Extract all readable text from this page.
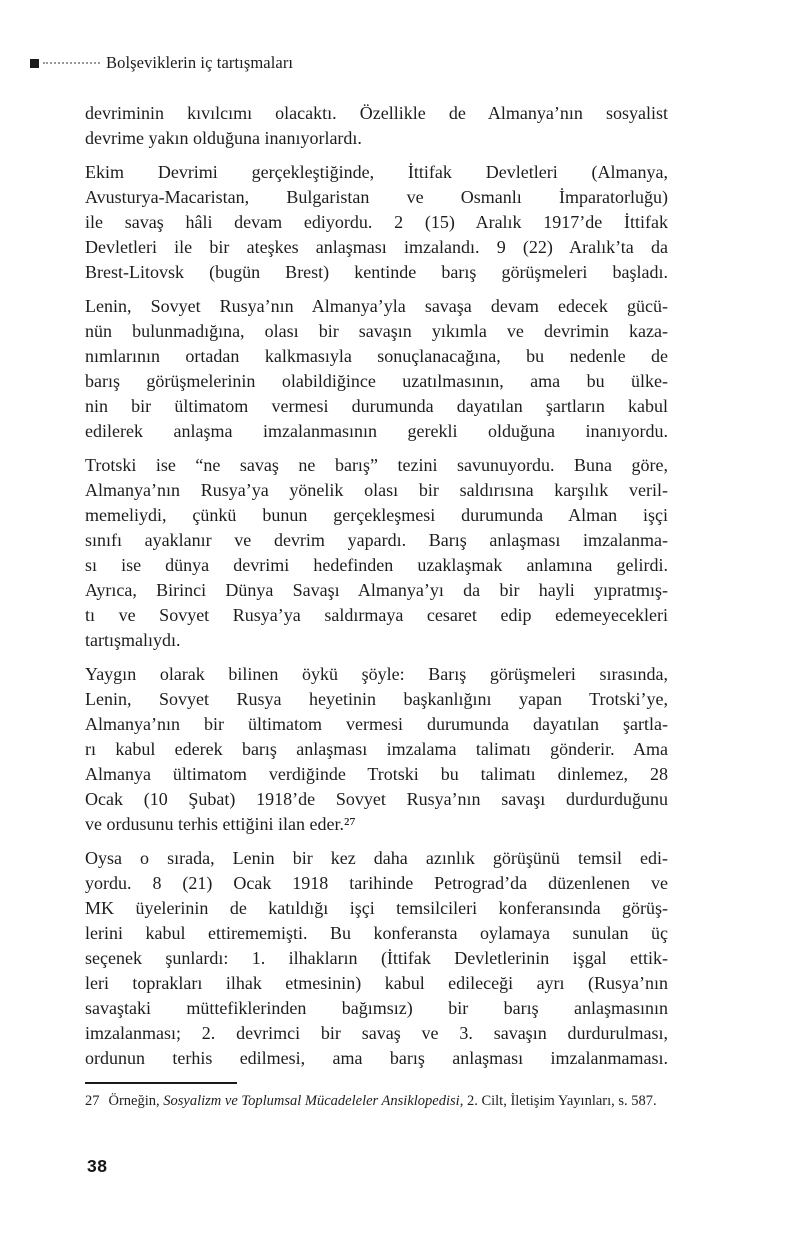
Bolşeviklerin iç tartışmaları
devriminin kıvılcımı olacaktı. Özellikle de Almanya’nın sosyalist
devrime yakın olduğuna inanıyorlardı.
Ekim Devrimi gerçekleştiğinde, İttifak Devletleri (Almanya,
Avusturya-Macaristan, Bulgaristan ve Osmanlı İmparatorluğu)
ile savaş hâli devam ediyordu. 2 (15) Aralık 1917’de İttifak
Devletleri ile bir ateşkes anlaşması imzalandı. 9 (22) Aralık’ta da
Brest-Litovsk (bugün Brest) kentinde barış görüşmeleri başladı.
Lenin, Sovyet Rusya’nın Almanya’yla savaşa devam edecek gücü-
nün bulunmadığına, olası bir savaşın yıkımla ve devrimin kaza-
nımlarının ortadan kalkmasıyla sonuçlanacağına, bu nedenle de
barış görüşmelerinin olabildiğince uzatılmasının, ama bu ülke-
nin bir ültimatom vermesi durumunda dayatılan şartların kabul
edilerek anlaşma imzalanmasının gerekli olduğuna inanıyordu.
Trotski ise “ne savaş ne barış” tezini savunuyordu. Buna göre,
Almanya’nın Rusya’ya yönelik olası bir saldırısına karşılık veril-
memeliydi, çünkü bunun gerçekleşmesi durumunda Alman işçi
sınıfı ayaklanır ve devrim yapardı. Barış anlaşması imzalanma-
sı ise dünya devrimi hedefinden uzaklaşmak anlamına gelirdi.
Ayrıca, Birinci Dünya Savaşı Almanya’yı da bir hayli yıpratmış-
tı ve Sovyet Rusya’ya saldırmaya cesaret edip edemeyecekleri
tartışmalıydı.
Yaygın olarak bilinen öykü şöyle: Barış görüşmeleri sırasında,
Lenin, Sovyet Rusya heyetinin başkanlığını yapan Trotski’ye,
Almanya’nın bir ültimatom vermesi durumunda dayatılan şartla-
rı kabul ederek barış anlaşması imzalama talimatı gönderir. Ama
Almanya ültimatom verdiğinde Trotski bu talimatı dinlemez, 28
Ocak (10 Şubat) 1918’de Sovyet Rusya’nın savaşı durdurduğunu
ve ordusunu terhis ettiğini ilan eder.²⁷
Oysa o sırada, Lenin bir kez daha azınlık görüşünü temsil edi-
yordu. 8 (21) Ocak 1918 tarihinde Petrograd’da düzenlenen ve
MK üyelerinin de katıldığı işçi temsilcileri konferansında görüş-
lerini kabul ettirememişti. Bu konferansta oylamaya sunulan üç
seçenek şunlardı: 1. ilhakların (İttifak Devletlerinin işgal ettik-
leri toprakları ilhak etmesinin) kabul edileceği ayrı (Rusya’nın
savaştaki müttefiklerinden bağımsız) bir barış anlaşmasının
imzalanması; 2. devrimci bir savaş ve 3. savaşın durdurulması,
ordunun terhis edilmesi, ama barış anlaşması imzalanmaması.
27 Örneğin, Sosyalizm ve Toplumsal Mücadeleler Ansiklopedisi, 2. Cilt, İletişim Yayınları, s. 587.
38
